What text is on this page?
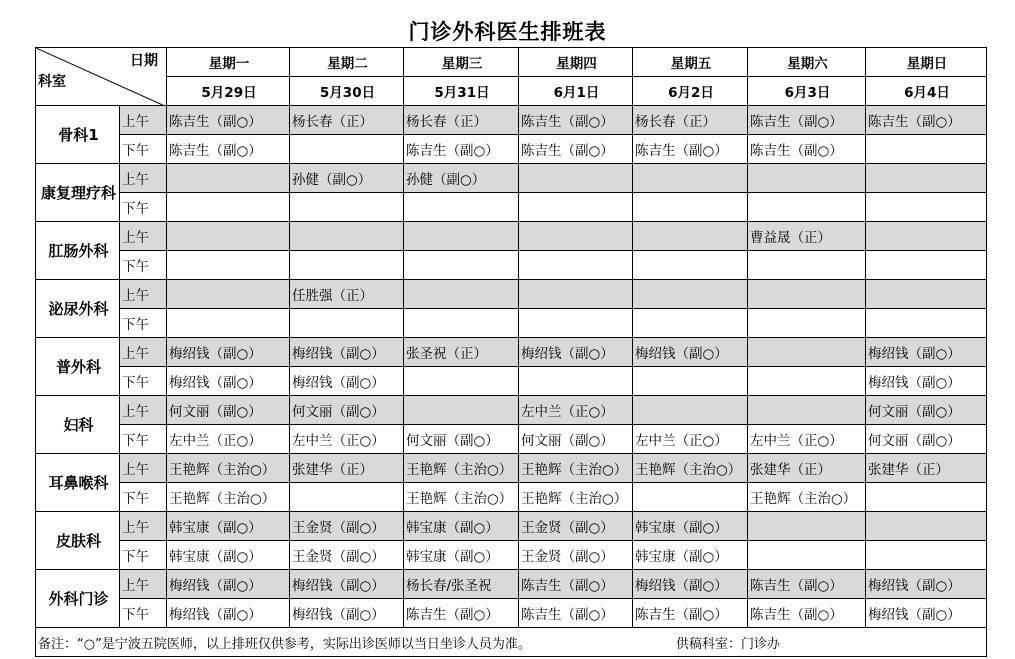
门诊外科医生排班表
日期
科室		星期一	星期二	星期三	星期四	星期五	星期六	星期日
		5月29日	5月30日	5月31日	6月1日	6月2日	6月3日	6月4日
骨科1	上午	陈吉生（副○）	杨长春（正）	杨长春（正）	陈吉生（副○）	杨长春（正）	陈吉生（副○）	陈吉生（副○）
	下午	陈吉生（副○）		陈吉生（副○）	陈吉生（副○）	陈吉生（副○）	陈吉生（副○）	
康复理疗科	上午		孙健（副○）	孙健（副○）				
	下午							
肛肠外科	上午						曹益晟（正）	
	下午							
泌尿外科	上午		任胜强（正）					
	下午							
普外科	上午	梅绍钱（副○）	梅绍钱（副○）	张圣祝（正）	梅绍钱（副○）	梅绍钱（副○）		梅绍钱（副○）
	下午	梅绍钱（副○）	梅绍钱（副○）					梅绍钱（副○）
妇科	上午	何文丽（副○）	何文丽（副○）		左中兰（正○）			何文丽（副○）
	下午	左中兰（正○）	左中兰（正○）	何文丽（副○）	何文丽（副○）	左中兰（正○）	左中兰（正○）	何文丽（副○）
耳鼻喉科	上午	王艳辉（主治○）	张建华（正）	王艳辉（主治○）	王艳辉（主治○）	王艳辉（主治○）	张建华（正）	张建华（正）
	下午	王艳辉（主治○）		王艳辉（主治○）	王艳辉（主治○）		王艳辉（主治○）	
皮肤科	上午	韩宝康（副○）	王金贤（副○）	韩宝康（副○）	王金贤（副○）	韩宝康（副○）		
	下午	韩宝康（副○）	王金贤（副○）	韩宝康（副○）	王金贤（副○）	韩宝康（副○）		
外科门诊	上午	梅绍钱（副○）	梅绍钱（副○）	杨长春/张圣祝	陈吉生（副○）	梅绍钱（副○）	陈吉生（副○）	梅绍钱（副○）
	下午	梅绍钱（副○）	梅绍钱（副○）	陈吉生（副○）	陈吉生（副○）	陈吉生（副○）	陈吉生（副○）	梅绍钱（副○）
备注：“○”是宁波五院医师，以上排班仅供参考，实际出诊医师以当日坐诊人员为准。 供稿科室：门诊办								
